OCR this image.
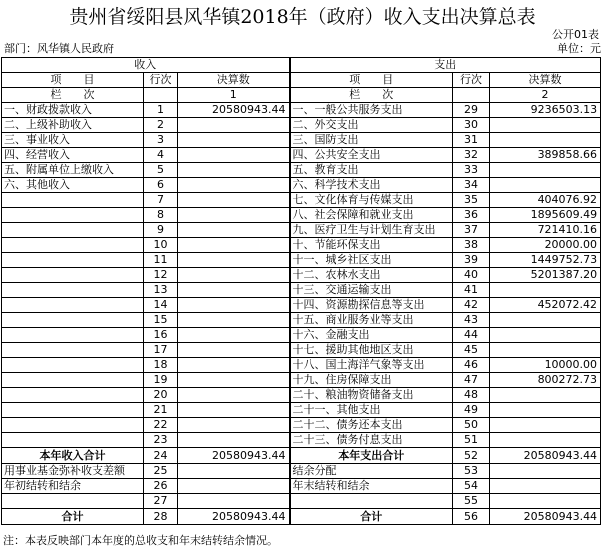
贵州省绥阳县风华镇2018年（政府）收入支出决算总表
公开01表
部门：风华镇人民政府	单位：元
收入			支出		
项　　目	行次	决算数	项　　目	行次	决算数
栏　　次		1	栏　　次		2
一、财政拨款收入	1	20580943.44	一、一般公共服务支出	29	9236503.13
二、上级补助收入	2		二、外交支出	30	
三、事业收入	3		三、国防支出	31	
四、经营收入	4		四、公共安全支出	32	389858.66
五、附属单位上缴收入	5		五、教育支出	33	
六、其他收入	6		六、科学技术支出	34	
	7		七、文化体育与传媒支出	35	404076.92
	8		八、社会保障和就业支出	36	1895609.49
	9		九、医疗卫生与计划生育支出	37	721410.16
	10		十、节能环保支出	38	20000.00
	11		十一、城乡社区支出	39	1449752.73
	12		十二、农林水支出	40	5201387.20
	13		十三、交通运输支出	41	
	14		十四、资源勘探信息等支出	42	452072.42
	15		十五、商业服务业等支出	43	
	16		十六、金融支出	44	
	17		十七、援助其他地区支出	45	
	18		十八、国土海洋气象等支出	46	10000.00
	19		十九、住房保障支出	47	800272.73
	20		二十、粮油物资储备支出	48	
	21		二十一、其他支出	49	
	22		二十二、债务还本支出	50	
	23		二十三、债务付息支出	51	
本年收入合计	24	20580943.44	本年支出合计	52	20580943.44
用事业基金弥补收支差额	25		结余分配	53	
年初结转和结余	26		年末结转和结余	54	
	27			55	
合计	28	20580943.44	合计	56	20580943.44
注：本表反映部门本年度的总收支和年末结转结余情况。
